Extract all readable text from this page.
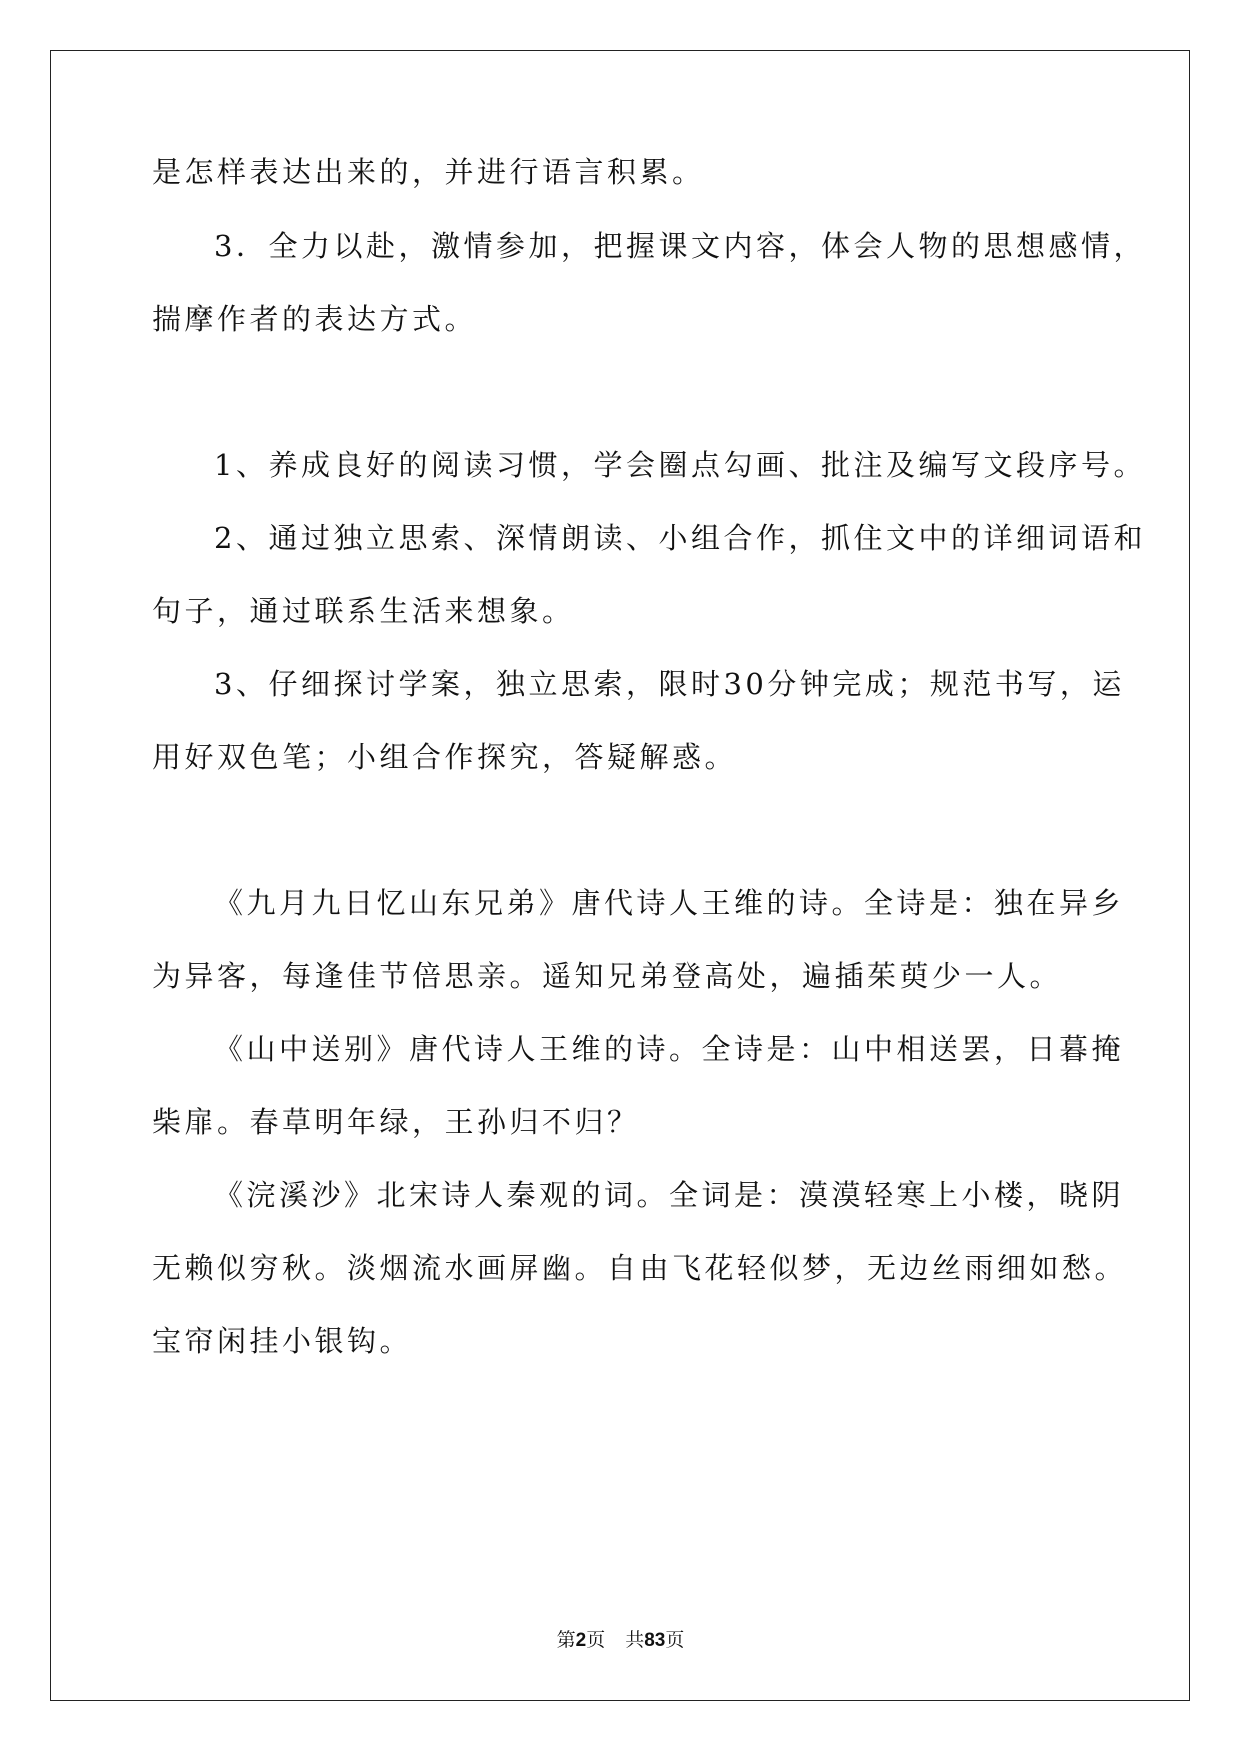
是怎样表达出来的，并进行语言积累。
3．全力以赴，激情参加，把握课文内容，体会人物的思想感情，
揣摩作者的表达方式。
1、养成良好的阅读习惯，学会圈点勾画、批注及编写文段序号。
2、通过独立思索、深情朗读、小组合作，抓住文中的详细词语和
句子，通过联系生活来想象。
3、仔细探讨学案，独立思索，限时30分钟完成；规范书写，运
用好双色笔；小组合作探究，答疑解惑。
《九月九日忆山东兄弟》唐代诗人王维的诗。全诗是：独在异乡
为异客，每逢佳节倍思亲。遥知兄弟登高处，遍插茱萸少一人。
《山中送别》唐代诗人王维的诗。全诗是：山中相送罢，日暮掩
柴扉。春草明年绿，王孙归不归？
《浣溪沙》北宋诗人秦观的词。全词是：漠漠轻寒上小楼，晓阴
无赖似穷秋。淡烟流水画屏幽。自由飞花轻似梦，无边丝雨细如愁。
宝帘闲挂小银钩。
第2页 共83页
